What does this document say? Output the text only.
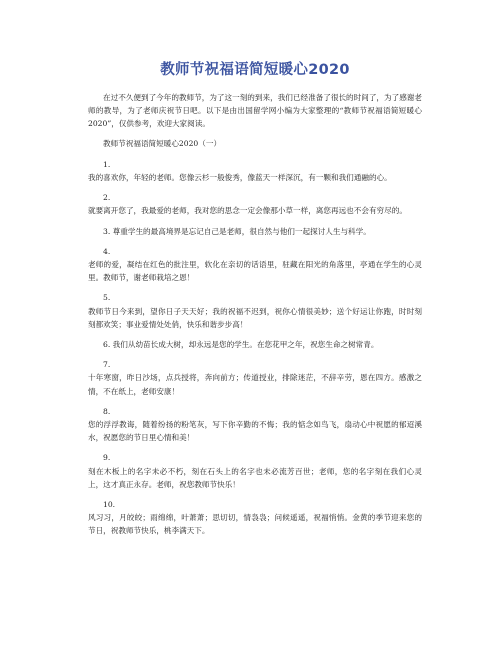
教师节祝福语简短暖心2020

在过不久便到了今年的教师节，为了这一刻的到来，我们已经准备了很长的时间了，为了感谢老师的教导，为了老师庆祝节日吧。以下是由出国留学网小编为大家整理的“教师节祝福语简短暖心2020”，仅供参考，欢迎大家阅读。

教师节祝福语简短暖心2020（一）

1.

我的喜欢你，年轻的老师。您像云杉一般俊秀，像蓝天一样深沉，有一颗和我们通融的心。

2.

就要离开您了，我最爱的老师，我对您的思念一定会像那小草一样，离您再远也不会有穷尽的。

3. 尊重学生的最高境界是忘记自己是老师，很自然与他们一起探讨人生与科学。

4.

老师的爱，凝结在红色的批注里，软化在亲切的话语里，驻藏在阳光的角落里，亭通在学生的心灵里。教师节，谢老师栽培之恩！

5.

教师节日今来到，望你日子天天好；我的祝福不迟到，祝你心情很美妙；送个好运让你跑，时时刻刻都欢笑；事业爱情处处俏，快乐和谐步步高！

6. 我们从幼苗长成大树，却永远是您的学生。在您花甲之年，祝您生命之树常青。

7.

十年寒窗，昨日沙场，点兵授将，奔向前方；传道授业，排除迷茫，不辞辛劳，恩在四方。感激之情，不在纸上，老师安康！

8.

您的浮浮教诲，随着纷扬的粉笔灰，写下你辛勤的不悔；我的惦念如鸟飞，扇动心中祝愿的郁迢溪水，祝愿您的节日里心情和美！

9.

刻在木板上的名字未必不朽，刻在石头上的名字也未必流芳百世；老师，您的名字刻在我们心灵上，这才真正永存。老师，祝您教师节快乐！

10.

风习习，月皎皎；雨绵绵，叶萧萧；思切切，情袅袅；问候遥遥，祝福悄悄。金黄的季节迎来您的节日，祝教师节快乐，桃李满天下。
